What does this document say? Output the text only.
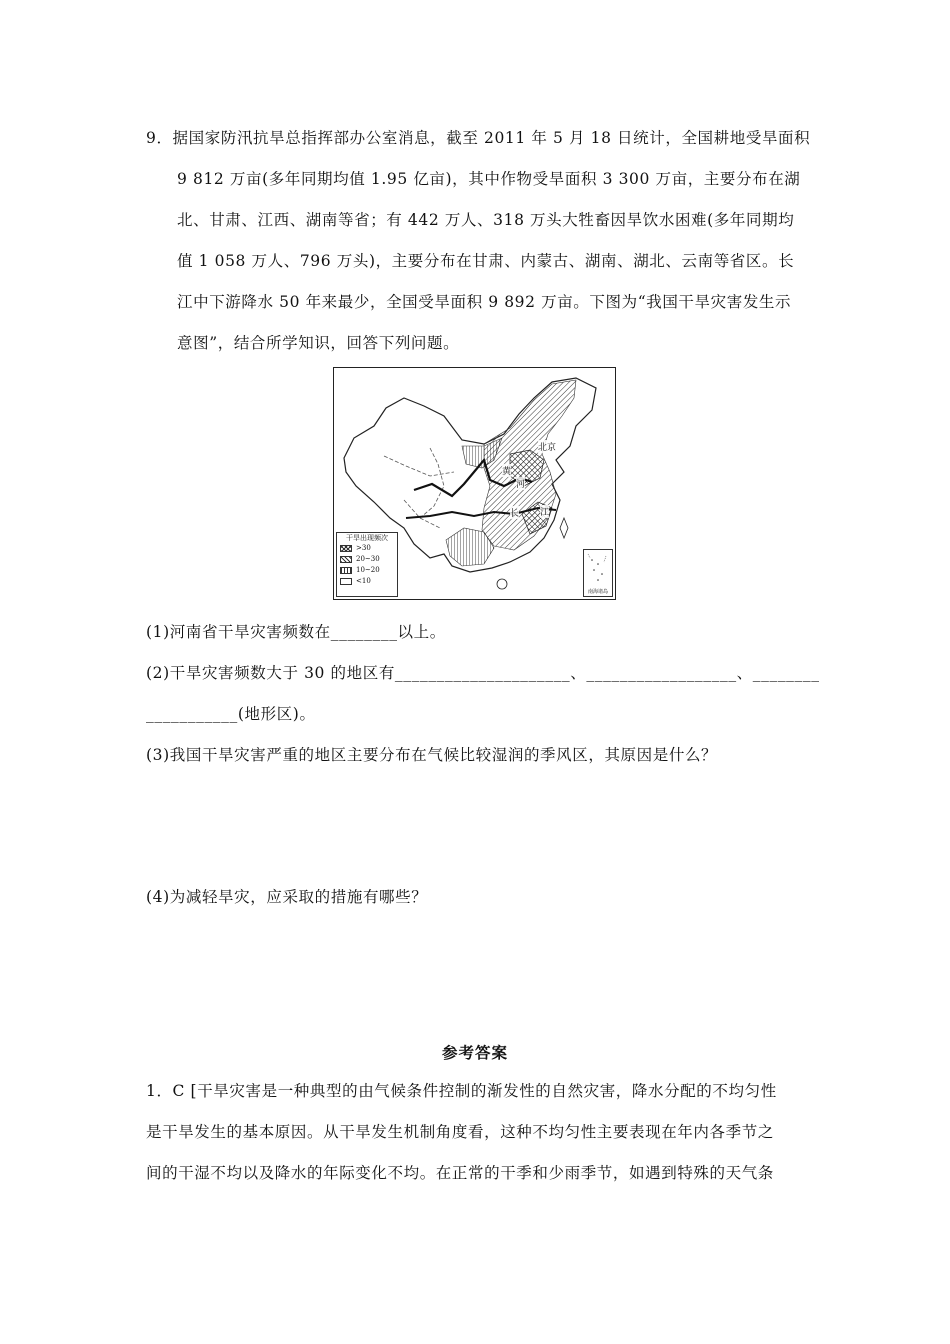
9．据国家防汛抗旱总指挥部办公室消息，截至 2011 年 5 月 18 日统计，全国耕地受旱面积
9 812 万亩(多年同期均值 1.95 亿亩)，其中作物受旱面积 3 300 万亩，主要分布在湖
北、甘肃、江西、湖南等省；有 442 万人、318 万头大牲畜因旱饮水困难(多年同期均
值 1 058 万人、796 万头)，主要分布在甘肃、内蒙古、湖南、湖北、云南等省区。长
江中下游降水 50 年来最少，全国受旱面积 9 892 万亩。下图为“我国干旱灾害发生示
意图”，结合所学知识，回答下列问题。
北京
黄
河
长 江
干旱出现频次
>30
20~30
10~20
<10
南海诸岛
(1)河南省干旱灾害频数在________以上。
(2)干旱灾害频数大于 30 的地区有_____________________、__________________、________
___________(地形区)。
(3)我国干旱灾害严重的地区主要分布在气候比较湿润的季风区，其原因是什么？
(4)为减轻旱灾，应采取的措施有哪些？
参考答案
1．C [干旱灾害是一种典型的由气候条件控制的渐发性的自然灾害，降水分配的不均匀性
是干旱发生的基本原因。从干旱发生机制角度看，这种不均匀性主要表现在年内各季节之
间的干湿不均以及降水的年际变化不均。在正常的干季和少雨季节，如遇到特殊的天气条
